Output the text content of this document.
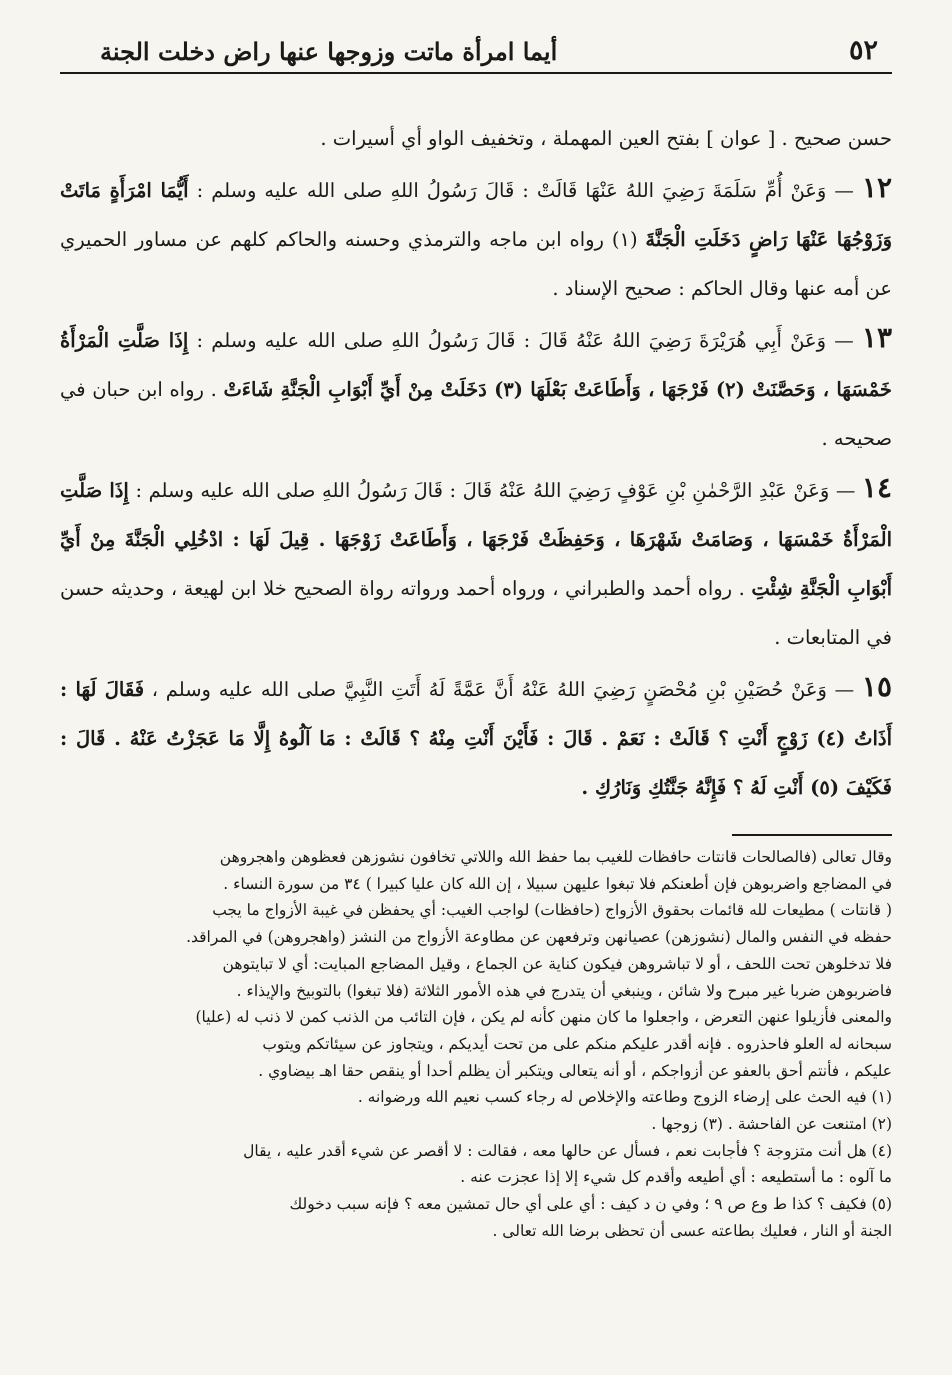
٥٢
أيما امرأة ماتت وزوجها عنها راض دخلت الجنة

حسن صحيح . [ عوان ] بفتح العين المهملة ، وتخفيف الواو أي أسيرات .

١٢ — وَعَنْ أُمِّ سَلَمَةَ رَضِيَ اللهُ عَنْهَا قَالَتْ : قَالَ رَسُولُ اللهِ صلى الله عليه وسلم : أَيُّمَا امْرَأَةٍ مَاتَتْ وَزَوْجُهَا عَنْهَا رَاضٍ دَخَلَتِ الْجَنَّةَ (١) رواه ابن ماجه والترمذي وحسنه والحاكم كلهم عن مساور الحميري عن أمه عنها وقال الحاكم : صحيح الإسناد .

١٣ — وَعَنْ أَبِي هُرَيْرَةَ رَضِيَ اللهُ عَنْهُ قَالَ : قَالَ رَسُولُ اللهِ صلى الله عليه وسلم : إِذَا صَلَّتِ الْمَرْأَةُ خَمْسَهَا ، وَحَصَّنَتْ (٢) فَرْجَهَا ، وَأَطَاعَتْ بَعْلَهَا (٣) دَخَلَتْ مِنْ أَيِّ أَبْوَابِ الْجَنَّةِ شَاءَتْ . رواه ابن حبان في صحيحه .

١٤ — وَعَنْ عَبْدِ الرَّحْمٰنِ بْنِ عَوْفٍ رَضِيَ اللهُ عَنْهُ قَالَ : قَالَ رَسُولُ اللهِ صلى الله عليه وسلم : إِذَا صَلَّتِ الْمَرْأَةُ خَمْسَهَا ، وَصَامَتْ شَهْرَهَا ، وَحَفِظَتْ فَرْجَهَا ، وَأَطَاعَتْ زَوْجَهَا . قِيلَ لَهَا : ادْخُلِي الْجَنَّةَ مِنْ أَيِّ أَبْوَابِ الْجَنَّةِ شِئْتِ . رواه أحمد والطبراني ، ورواه أحمد ورواته رواة الصحيح خلا ابن لهيعة ، وحديثه حسن في المتابعات .

١٥ — وَعَنْ حُصَيْنِ بْنِ مُحْصَنٍ رَضِيَ اللهُ عَنْهُ أَنَّ عَمَّةً لَهُ أَتَتِ النَّبِيَّ صلى الله عليه وسلم ، فَقَالَ لَهَا : أَذَاتُ (٤) زَوْجٍ أَنْتِ ؟ قَالَتْ : نَعَمْ . قَالَ : فَأَيْنَ أَنْتِ مِنْهُ ؟ قَالَتْ : مَا آلُوهُ إِلَّا مَا عَجَزْتُ عَنْهُ . قَالَ : فَكَيْفَ (٥) أَنْتِ لَهُ ؟ فَإِنَّهُ جَنَّتُكِ وَنَارُكِ .

وقال تعالى (فالصالحات قانتات حافظات للغيب بما حفظ الله واللاتي تخافون نشوزهن فعظوهن واهجروهن

في المضاجع واضربوهن فإن أطعنكم فلا تبغوا عليهن سبيلا ، إن الله كان عليا كبيرا ) ٣٤ من سورة النساء .

( قانتات ) مطيعات لله قائمات بحقوق الأزواج (حافظات) لواجب الغيب: أي يحفظن في غيبة الأزواج ما يجب

حفظه في النفس والمال (نشوزهن) عصيانهن وترفعهن عن مطاوعة الأزواج من النشز (واهجروهن) في المراقد.

فلا تدخلوهن تحت اللحف ، أو لا تباشروهن فيكون كناية عن الجماع ، وقيل المضاجع المبايت: أي لا تبايتوهن

فاضربوهن ضربا غير مبرح ولا شائن ، وينبغي أن يتدرج في هذه الأمور الثلاثة (فلا تبغوا) بالتوبيخ والإيذاء .

والمعنى فأزيلوا عنهن التعرض ، واجعلوا ما كان منهن كأنه لم يكن ، فإن التائب من الذنب كمن لا ذنب له (عليا)

سبحانه له العلو فاحذروه . فإنه أقدر عليكم منكم على من تحت أيديكم ، ويتجاوز عن سيئاتكم ويتوب

عليكم ، فأنتم أحق بالعفو عن أزواجكم ، أو أنه يتعالى ويتكبر أن يظلم أحدا أو ينقص حقا اهـ بيضاوي .

(١) فيه الحث على إرضاء الزوج وطاعته والإخلاص له رجاء كسب نعيم الله ورضوانه .

(٢) امتنعت عن الفاحشة . (٣) زوجها .

(٤) هل أنت متزوجة ؟ فأجابت نعم ، فسأل عن حالها معه ، فقالت : لا أقصر عن شيء أقدر عليه ، يقال

ما آلوه : ما أستطيعه : أي أطيعه وأقدم كل شيء إلا إذا عجزت عنه .

(٥) فكيف ؟ كذا ط وع ص ٩ ؛ وفي ن د كيف : أي على أي حال تمشين معه ؟ فإنه سبب دخولك

الجنة أو النار ، فعليك بطاعته عسى أن تحظى برضا الله تعالى .
